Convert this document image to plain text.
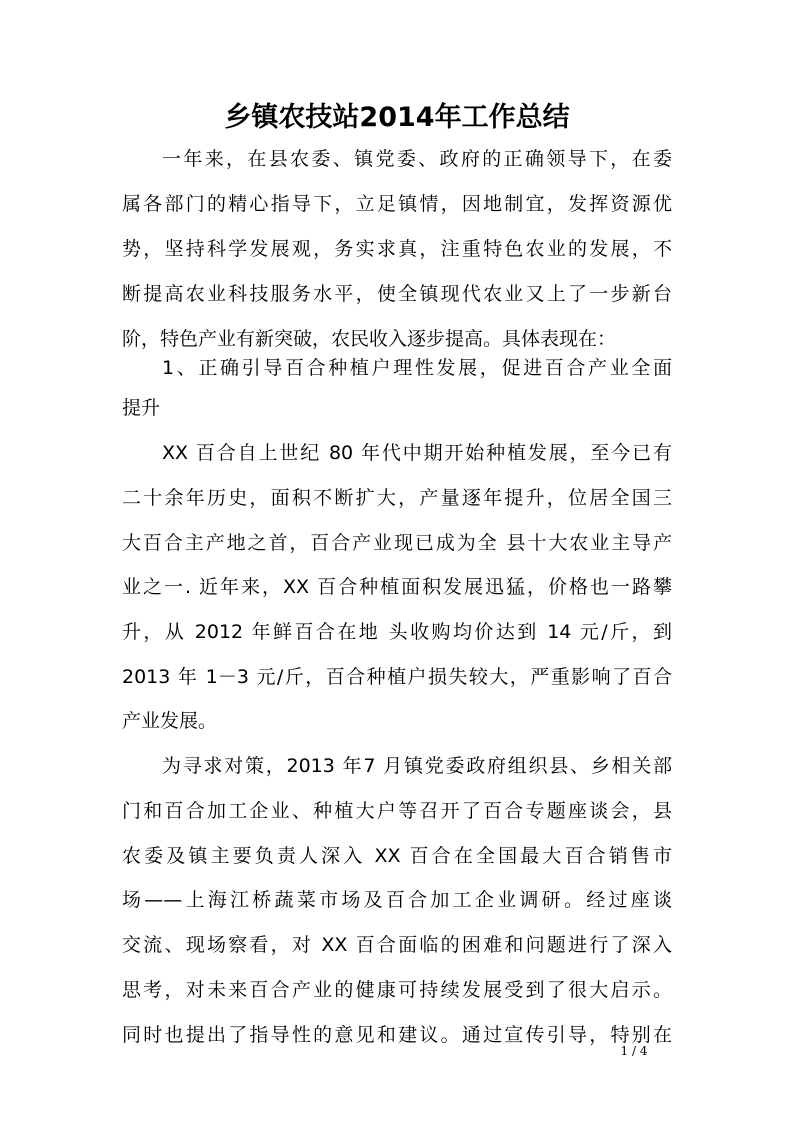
乡镇农技站2014年工作总结
一年来，在县农委、镇党委、政府的正确领导下，在委
属各部门的精心指导下，立足镇情，因地制宜，发挥资源优
势，坚持科学发展观，务实求真，注重特色农业的发展，不
断提高农业科技服务水平，使全镇现代农业又上了一步新台
阶，特色产业有新突破，农民收入逐步提高。具体表现在：
1、正确引导百合种植户理性发展，促进百合产业全面
提升
XX 百合自上世纪 80 年代中期开始种植发展，至今已有
二十余年历史，面积不断扩大，产量逐年提升，位居全国三
大百合主产地之首，百合产业现已成为全 县十大农业主导产
业之一. 近年来，XX 百合种植面积发展迅猛，价格也一路攀
升，从 2012 年鲜百合在地 头收购均价达到 14 元/斤，到
2013 年 1－3 元/斤，百合种植户损失较大，严重影响了百合
产业发展。
为寻求对策，2013 年7 月镇党委政府组织县、乡相关部
门和百合加工企业、种植大户等召开了百合专题座谈会，县
农委及镇主要负责人深入 XX 百合在全国最大百合销售市
场——上海江桥蔬菜市场及百合加工企业调研。经过座谈
交流、现场察看，对 XX 百合面临的困难和问题进行了深入
思考，对未来百合产业的健康可持续发展受到了很大启示。
同时也提出了指导性的意见和建议。通过宣传引导，特别在
1 / 4
